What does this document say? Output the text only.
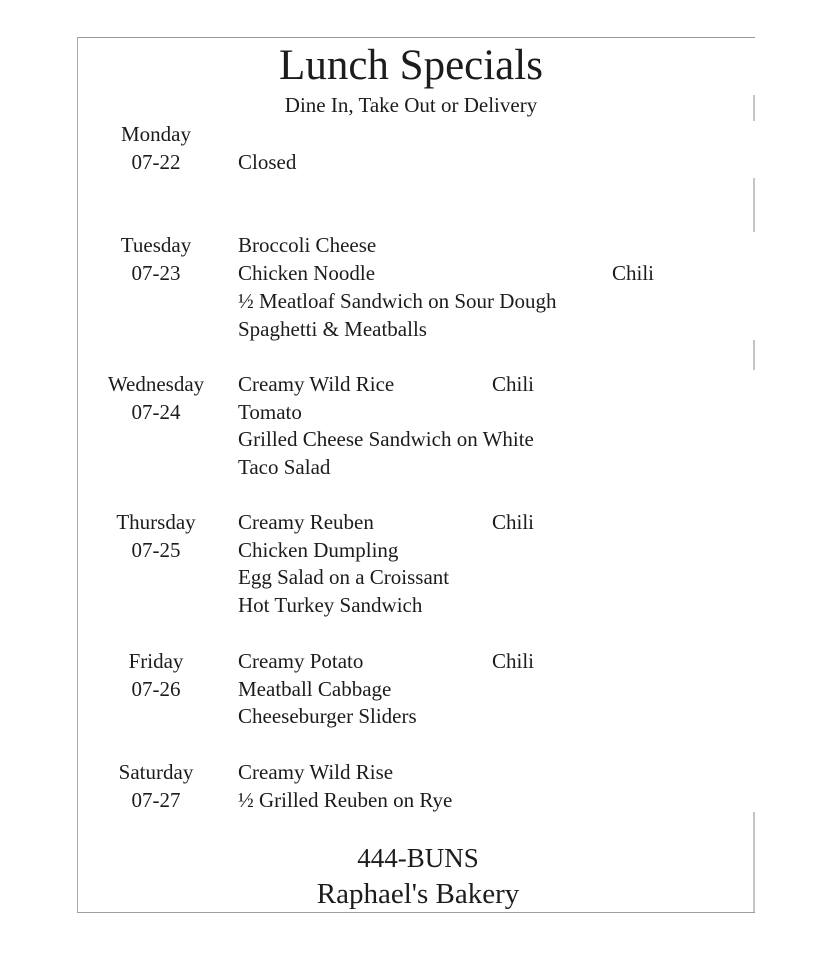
Lunch Specials
Dine In, Take Out or Delivery
Monday
07-22	Closed
Tuesday
07-23
Broccoli Cheese
Chicken Noodle	Chili
½ Meatloaf Sandwich on Sour Dough
Spaghetti & Meatballs
Wednesday
07-24
Creamy Wild Rice	Chili
Tomato
Grilled Cheese Sandwich on White
Taco Salad
Thursday
07-25
Creamy Reuben	Chili
Chicken Dumpling
Egg Salad on a Croissant
Hot Turkey Sandwich
Friday
07-26
Creamy Potato	Chili
Meatball Cabbage
Cheeseburger Sliders
Saturday
07-27
Creamy Wild Rise
½ Grilled Reuben on Rye
444-BUNS
Raphael's Bakery
